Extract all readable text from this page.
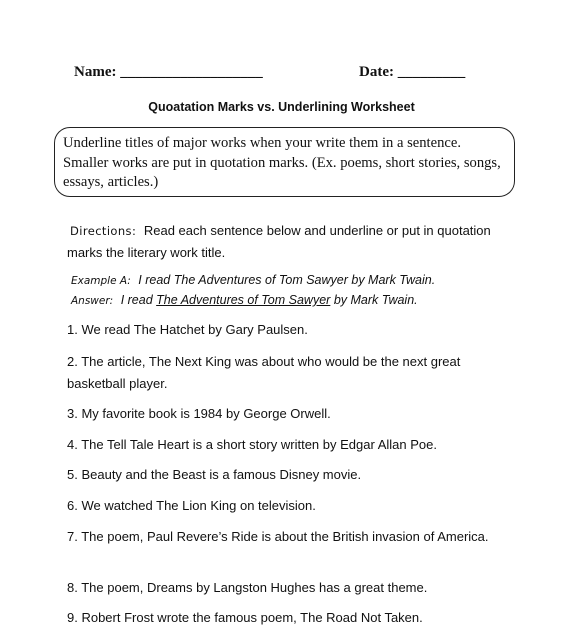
Name: ___________________	Date: _________
Quoatation Marks vs. Underlining Worksheet
Underline titles of major works when your write them in a sentence. Smaller works are put in quotation marks. (Ex. poems, short stories, songs, essays, articles.)
Directions: Read each sentence below and underline or put in quotation marks the literary work title.
Example A: I read The Adventures of Tom Sawyer by Mark Twain.
Answer: I read The Adventures of Tom Sawyer by Mark Twain.
1. We read The Hatchet by Gary Paulsen.
2. The article, The Next King was about who would be the next great basketball player.
3. My favorite book is 1984 by George Orwell.
4. The Tell Tale Heart is a short story written by Edgar Allan Poe.
5. Beauty and the Beast is a famous Disney movie.
6. We watched The Lion King on television.
7. The poem, Paul Revere’s Ride is about the British invasion of America.
8. The poem, Dreams by Langston Hughes has a great theme.
9. Robert Frost wrote the famous poem, The Road Not Taken.
